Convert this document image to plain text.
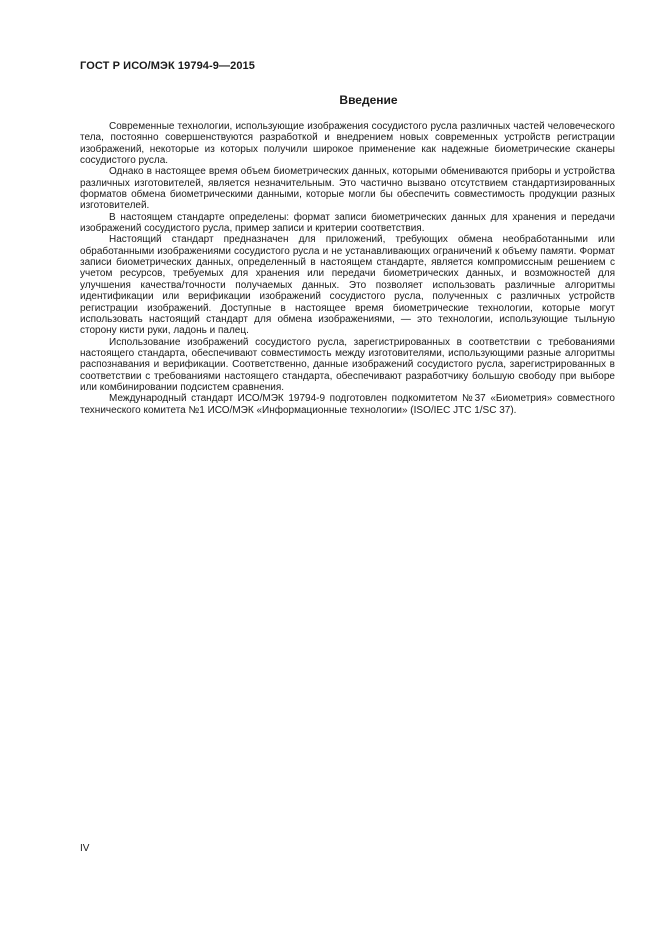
ГОСТ Р ИСО/МЭК 19794-9—2015
Введение

Современные технологии, использующие изображения сосудистого русла различных частей человеческого тела, постоянно совершенствуются разработкой и внедрением новых современных устройств регистрации изображений, некоторые из которых получили широкое применение как надежные биометрические сканеры сосудистого русла.

Однако в настоящее время объем биометрических данных, которыми обмениваются приборы и устройства различных изготовителей, является незначительным. Это частично вызвано отсутствием стандартизированных форматов обмена биометрическими данными, которые могли бы обеспечить совместимость продукции разных изготовителей.

В настоящем стандарте определены: формат записи биометрических данных для хранения и передачи изображений сосудистого русла, пример записи и критерии соответствия.

Настоящий стандарт предназначен для приложений, требующих обмена необработанными или обработанными изображениями сосудистого русла и не устанавливающих ограничений к объему памяти. Формат записи биометрических данных, определенный в настоящем стандарте, является компромиссным решением с учетом ресурсов, требуемых для хранения или передачи биометрических данных, и возможностей для улучшения качества/точности получаемых данных. Это позволяет использовать различные алгоритмы идентификации или верификации изображений сосудистого русла, полученных с различных устройств регистрации изображений. Доступные в настоящее время биометрические технологии, которые могут использовать настоящий стандарт для обмена изображениями, — это технологии, использующие тыльную сторону кисти руки, ладонь и палец.

Использование изображений сосудистого русла, зарегистрированных в соответствии с требованиями настоящего стандарта, обеспечивают совместимость между изготовителями, использующими разные алгоритмы распознавания и верификации. Соответственно, данные изображений сосудистого русла, зарегистрированных в соответствии с требованиями настоящего стандарта, обеспечивают разработчику большую свободу при выборе или комбинировании подсистем сравнения.

Международный стандарт ИСО/МЭК 19794-9 подготовлен подкомитетом №37 «Биометрия» совместного технического комитета №1 ИСО/МЭК «Информационные технологии» (ISO/IEC JTC 1/SC 37).

IV
